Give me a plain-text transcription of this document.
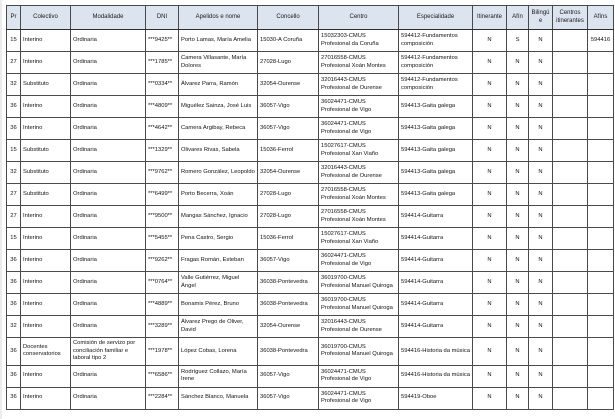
Pr	Colectivo	Modalidade	DNI	Apelidos e nome	Concello	Centro	Especialidade	Itinerante	Afín	Bilingüe	Centros itinerantes	Afíns
15	Interino	Ordinaria	***9425**	Porto Lamas, María Amelia	15030-A Coruña	15032303-CMUS Profesional da Coruña	594412-Fundamentos composición	N	S	N		594416
27	Interino	Ordinaria	***1785**	Camera Villasante, María Dolores	27028-Lugo	27016558-CMUS Profesional Xoán Montes	594412-Fundamentos composición	N	N	N		
32	Substituto	Ordinaria	***0334**	Álvarez Parra, Ramón	32054-Ourense	32016443-CMUS Profesional de Ourense	594412-Fundamentos composición	N	N	N		
36	Interino	Ordinaria	***4809**	Miguélez Sainza, José Luis	36057-Vigo	36024471-CMUS Profesional de Vigo	594413-Gaita galega	N	N	N		
36	Interino	Ordinaria	***4642**	Camera Argibay, Rebeca	36057-Vigo	36024471-CMUS Profesional de Vigo	594413-Gaita galega	N	N	N		
15	Substituto	Ordinaria	***1329**	Olivares Rivas, Sabela	15036-Ferrol	15027617-CMUS Profesional Xan Viaño	594413-Gaita galega	N	N	N		
32	Substituto	Ordinaria	***9762**	Romero González, Leopoldo	32054-Ourense	32016443-CMUS Profesional de Ourense	594413-Gaita galega	N	N	N		
27	Substituto	Ordinaria	***6499**	Porto Becerra, Xoán	27028-Lugo	27016558-CMUS Profesional Xoán Montes	594413-Gaita galega	N	N	N		
27	Interino	Ordinaria	***9500**	Mangas Sánchez, Ignacio	27028-Lugo	27016558-CMUS Profesional Xoán Montes	594414-Guitarra	N	N	N		
15	Interino	Ordinaria	***5455**	Pena Castro, Sergio	15036-Ferrol	15027617-CMUS Profesional Xan Viaño	594414-Guitarra	N	N	N		
36	Interino	Ordinaria	***9262**	Fragas Román, Esteban	36057-Vigo	36024471-CMUS Profesional de Vigo	594414-Guitarra	N	N	N		
36	Interino	Ordinaria	***0764**	Valle Gutiérrez, Miguel Ángel	36038-Pontevedra	36019700-CMUS Profesional Manuel Quiroga	594414-Guitarra	N	N	N		
36	Interino	Ordinaria	***4889**	Bonamis Pérez, Bruno	36038-Pontevedra	36019700-CMUS Profesional Manuel Quiroga	594414-Guitarra	N	N	N		
32	Interino	Ordinaria	***3289**	Álvarez Prego de Oliver, David	32054-Ourense	32016443-CMUS Profesional de Ourense	594414-Guitarra	N	N	N		
36	Docentes conservatorios	Comisión de servizo por conciliación familiar e laboral tipo 2	***1978**	López Cobas, Lorena	36038-Pontevedra	36019700-CMUS Profesional Manuel Quiroga	594416-Historia da música	N	N	N		
36	Interino	Ordinaria	***6586**	Rodríguez Collazo, María Irene	36057-Vigo	36024471-CMUS Profesional de Vigo	594416-Historia da música	N	N	N		
36	Interino	Ordinaria	***2284**	Sánchez Blanco, Manuela	36057-Vigo	36024471-CMUS Profesional de Vigo	594419-Oboe	N	N	N		
